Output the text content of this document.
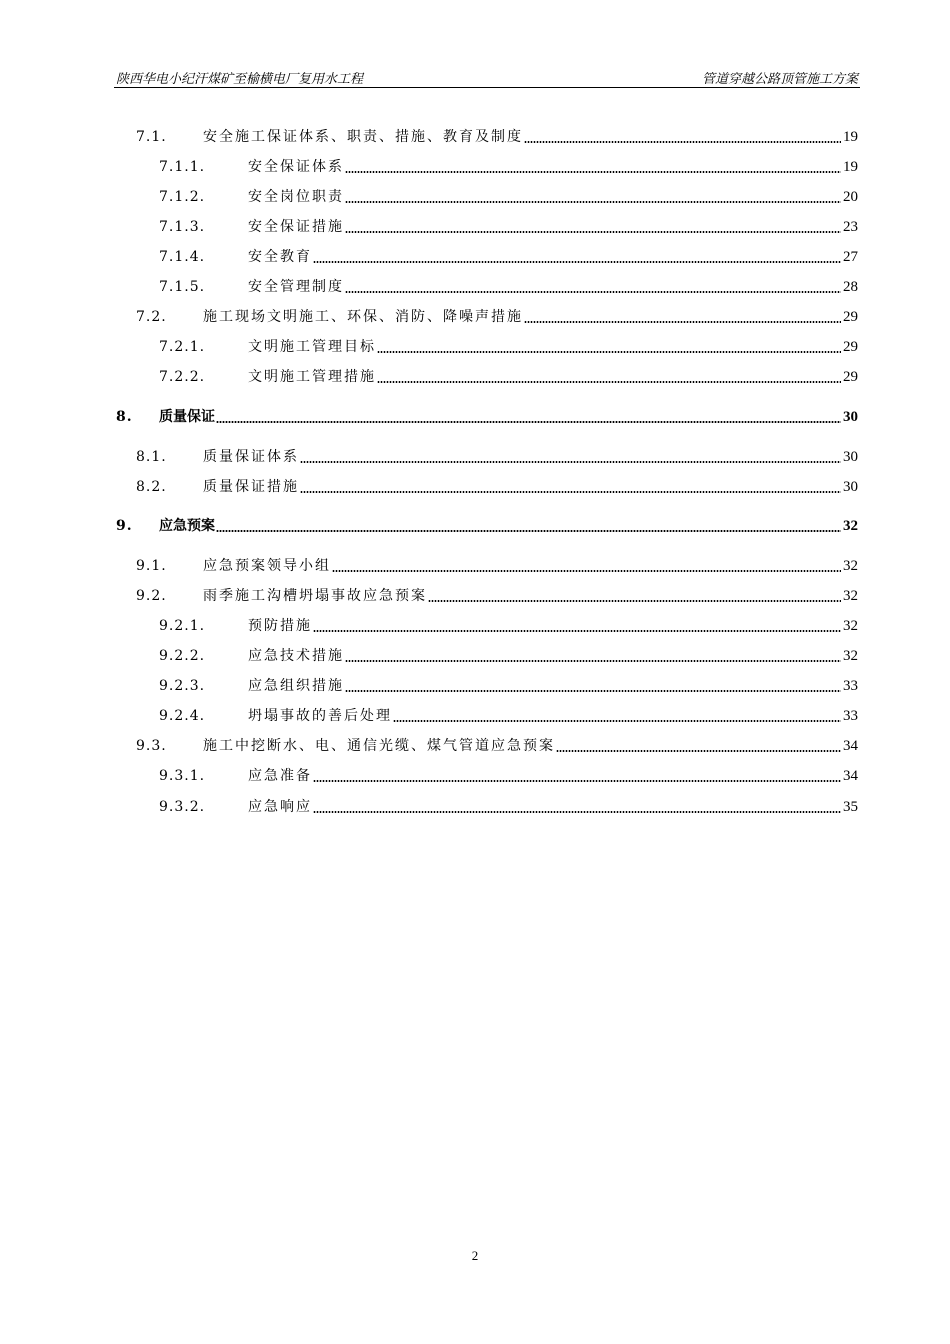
陕西华电小纪汗煤矿至榆横电厂复用水工程	管道穿越公路顶管施工方案
7.1.	安全施工保证体系、职责、措施、教育及制度	19
7.1.1.	安全保证体系	19
7.1.2.	安全岗位职责	20
7.1.3.	安全保证措施	23
7.1.4.	安全教育	27
7.1.5.	安全管理制度	28
7.2.	施工现场文明施工、环保、消防、降噪声措施	29
7.2.1.	文明施工管理目标	29
7.2.2.	文明施工管理措施	29
8. 质量保证	30
8.1.	质量保证体系	30
8.2.	质量保证措施	30
9. 应急预案	32
9.1.	应急预案领导小组	32
9.2.	雨季施工沟槽坍塌事故应急预案	32
9.2.1.	预防措施	32
9.2.2.	应急技术措施	32
9.2.3.	应急组织措施	33
9.2.4.	坍塌事故的善后处理	33
9.3.	施工中挖断水、电、通信光缆、煤气管道应急预案	34
9.3.1.	应急准备	34
9.3.2.	应急响应	35
2
